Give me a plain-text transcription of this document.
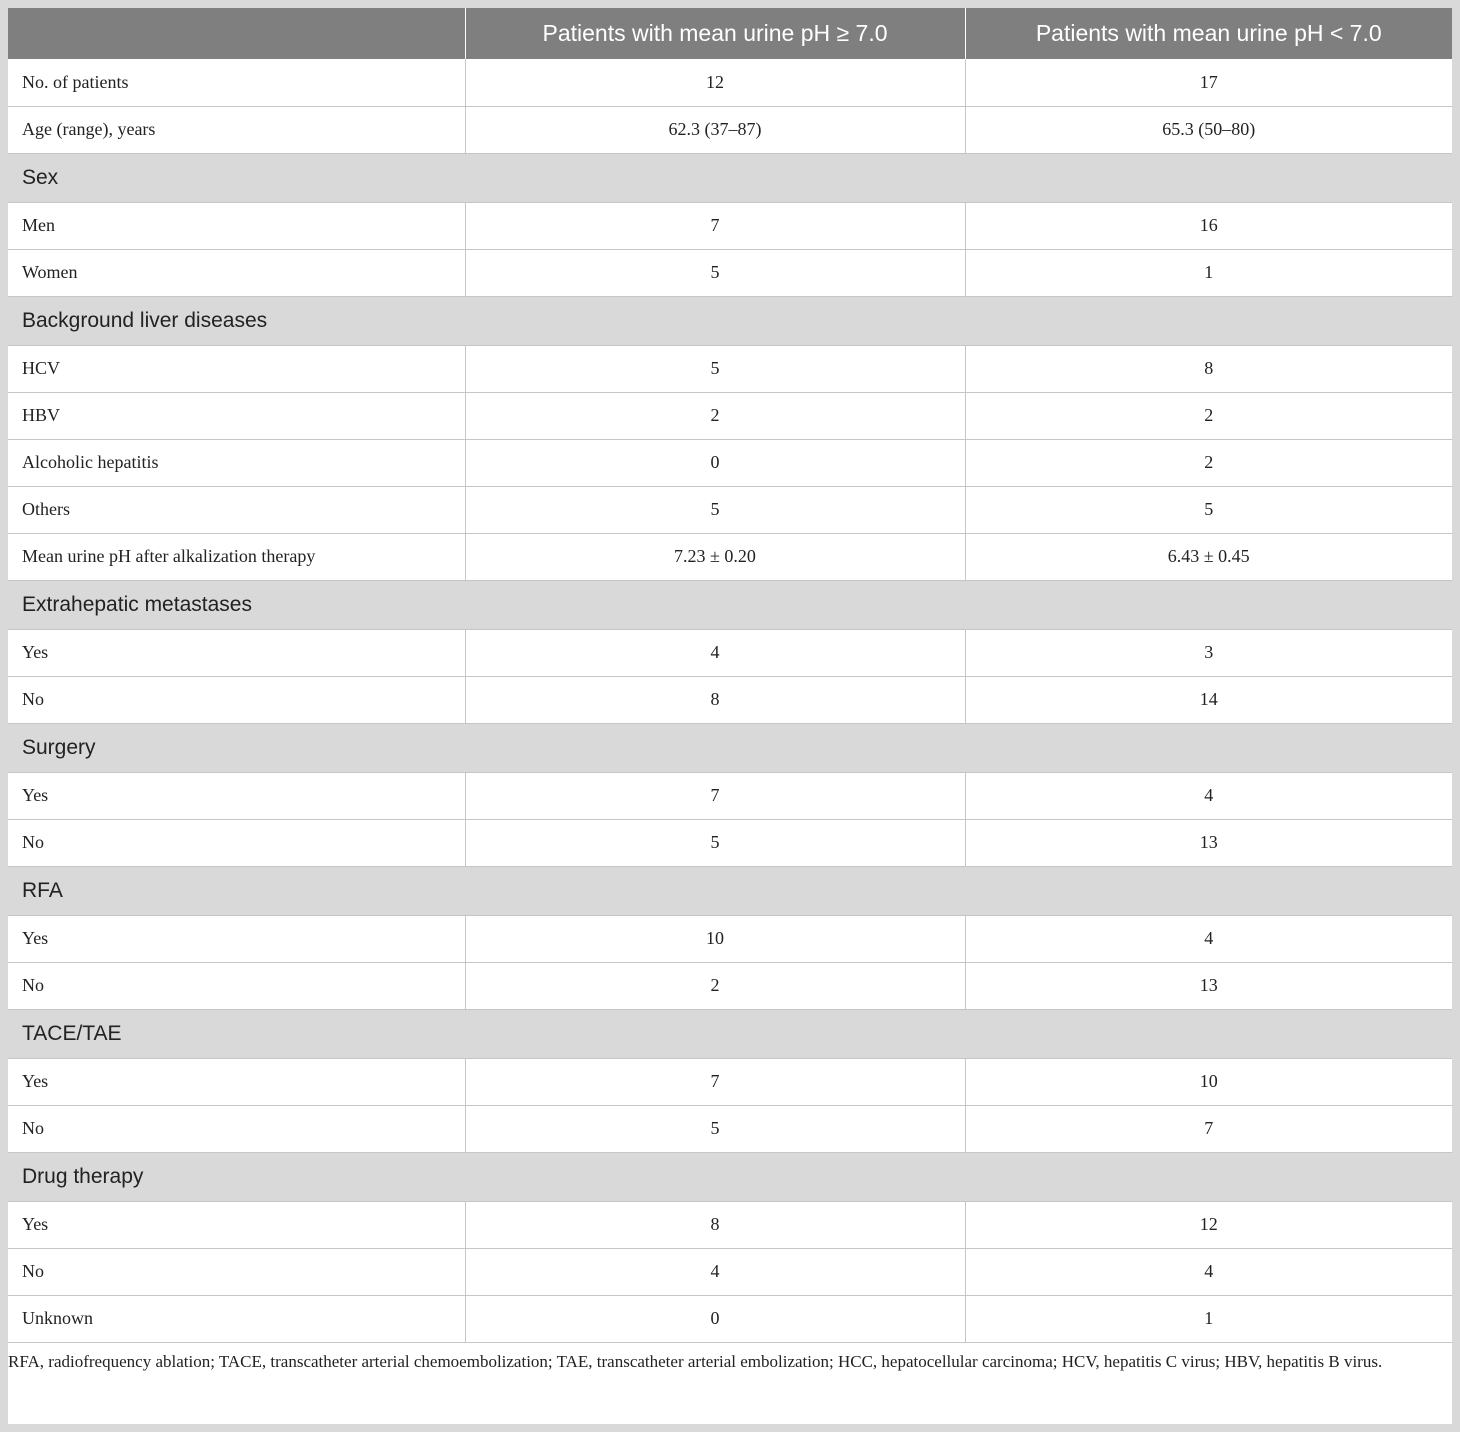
	Patients with mean urine pH ≥ 7.0	Patients with mean urine pH < 7.0
No. of patients	12	17
Age (range), years	62.3 (37–87)	65.3 (50–80)
Sex		
Men	7	16
Women	5	1
Background liver diseases		
HCV	5	8
HBV	2	2
Alcoholic hepatitis	0	2
Others	5	5
Mean urine pH after alkalization therapy	7.23 ± 0.20	6.43 ± 0.45
Extrahepatic metastases		
Yes	4	3
No	8	14
Surgery		
Yes	7	4
No	5	13
RFA		
Yes	10	4
No	2	13
TACE/TAE		
Yes	7	10
No	5	7
Drug therapy		
Yes	8	12
No	4	4
Unknown	0	1

RFA, radiofrequency ablation; TACE, transcatheter arterial chemoembolization; TAE, transcatheter arterial embolization; HCC, hepatocellular carcinoma; HCV, hepatitis C virus; HBV, hepatitis B virus.
